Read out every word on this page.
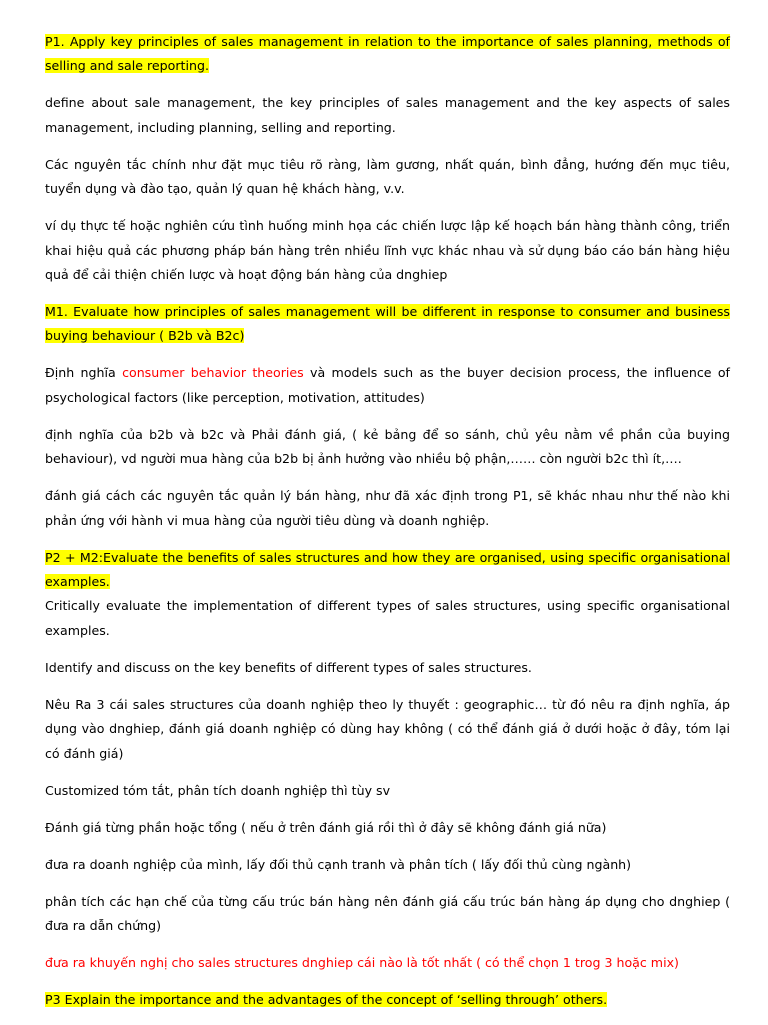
P1. Apply key principles of sales management in relation to the importance of sales planning, methods of selling and sale reporting.

define about sale management, the key principles of sales management and the key aspects of sales management, including planning, selling and reporting.

Các nguyên tắc chính như đặt mục tiêu rõ ràng, làm gương, nhất quán, bình đẳng, hướng đến mục tiêu, tuyển dụng và đào tạo, quản lý quan hệ khách hàng, v.v.

ví dụ thực tế hoặc nghiên cứu tình huống minh họa các chiến lược lập kế hoạch bán hàng thành công, triển khai hiệu quả các phương pháp bán hàng trên nhiều lĩnh vực khác nhau và sử dụng báo cáo bán hàng hiệu quả để cải thiện chiến lược và hoạt động bán hàng của dnghiep

M1. Evaluate how principles of sales management will be different in response to consumer and business buying behaviour ( B2b và B2c)

Định nghĩa consumer behavior theories và models such as the buyer decision process, the influence of psychological factors (like perception, motivation, attitudes)

định nghĩa của b2b và b2c và Phải đánh giá, ( kẻ bảng để so sánh, chủ yêu nằm về phần của buying behaviour), vd người mua hàng của b2b bị ảnh hưởng vào nhiều bộ phận,…… còn người b2c thì ít,….

đánh giá cách các nguyên tắc quản lý bán hàng, như đã xác định trong P1, sẽ khác nhau như thế nào khi phản ứng với hành vi mua hàng của người tiêu dùng và doanh nghiệp.

P2 + M2:Evaluate the benefits of sales structures and how they are organised, using specific organisational examples.

Critically evaluate the implementation of different types of sales structures, using specific organisational examples.

Identify and discuss on the key benefits of different types of sales structures.

Nêu Ra 3 cái sales structures của doanh nghiệp theo ly thuyết : geographic… từ đó nêu ra định nghĩa, áp dụng vào dnghiep, đánh giá doanh nghiệp có dùng hay không ( có thể đánh giá ở dưới hoặc ở đây, tóm lại có đánh giá)

Customized tóm tắt, phân tích doanh nghiệp thì tùy sv

Đánh giá từng phần hoặc tổng ( nếu ở trên đánh giá rồi thì ở đây sẽ không đánh giá nữa)

đưa ra doanh nghiệp của mình, lấy đối thủ cạnh tranh và phân tích ( lấy đối thủ cùng ngành)

phân tích các hạn chế của từng cấu trúc bán hàng nên đánh giá cấu trúc bán hàng áp dụng cho dnghiep ( đưa ra dẫn chứng)

đưa ra khuyến nghị cho sales structures dnghiep cái nào là tốt nhất ( có thể chọn 1 trog 3 hoặc mix)

P3 Explain the importance and the advantages of the concept of ‘selling through’ others.
